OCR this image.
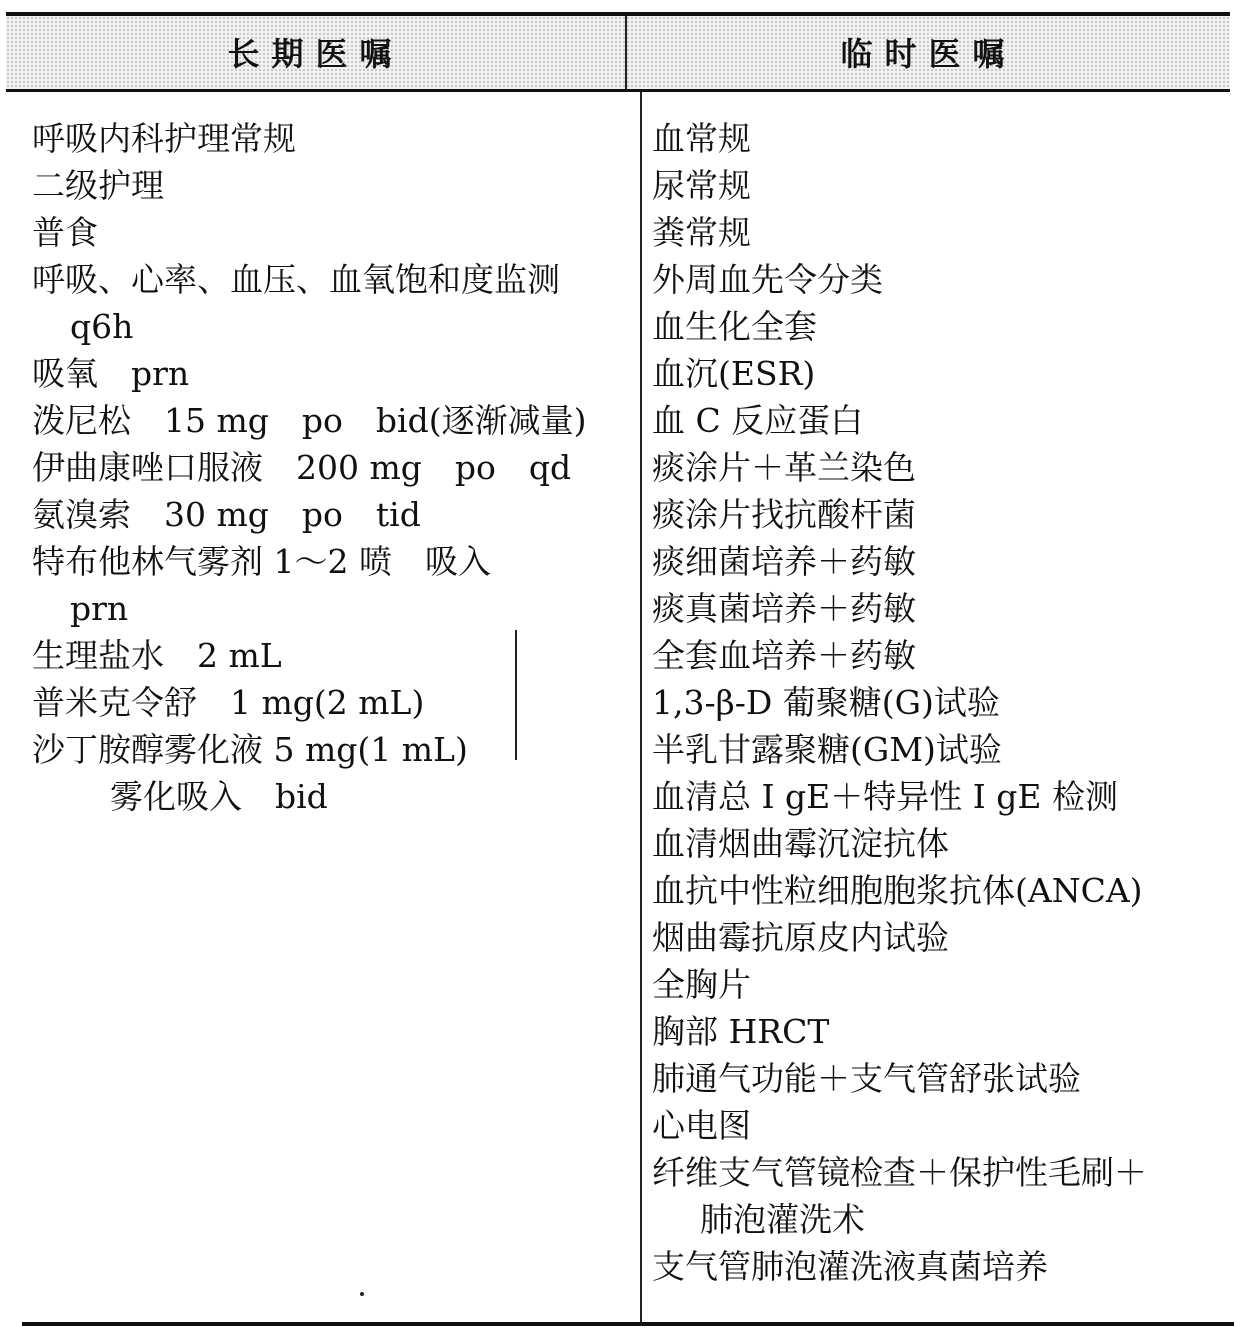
长期医嘱	临时医嘱
呼吸内科护理常规
二级护理
普食
呼吸、心率、血压、血氧饱和度监测
q6h
吸氧　prn
泼尼松　15 mg　po　bid(逐渐减量)
伊曲康唑口服液　200 mg　po　qd
氨溴索　30 mg　po　tid
特布他林气雾剂 1～2 喷　吸入
prn
生理盐水　2 mL
普米克令舒　1 mg(2 mL)
沙丁胺醇雾化液 5 mg(1 mL)
雾化吸入　bid
血常规
尿常规
粪常规
外周血先令分类
血生化全套
血沉(ESR)
血 C 反应蛋白
痰涂片＋革兰染色
痰涂片找抗酸杆菌
痰细菌培养＋药敏
痰真菌培养＋药敏
全套血培养＋药敏
1,3-β-D 葡聚糖(G)试验
半乳甘露聚糖(GM)试验
血清总 I gE＋特异性 I gE 检测
血清烟曲霉沉淀抗体
血抗中性粒细胞胞浆抗体(ANCA)
烟曲霉抗原皮内试验
全胸片
胸部 HRCT
肺通气功能＋支气管舒张试验
心电图
纤维支气管镜检查＋保护性毛刷＋
肺泡灌洗术
支气管肺泡灌洗液真菌培养
